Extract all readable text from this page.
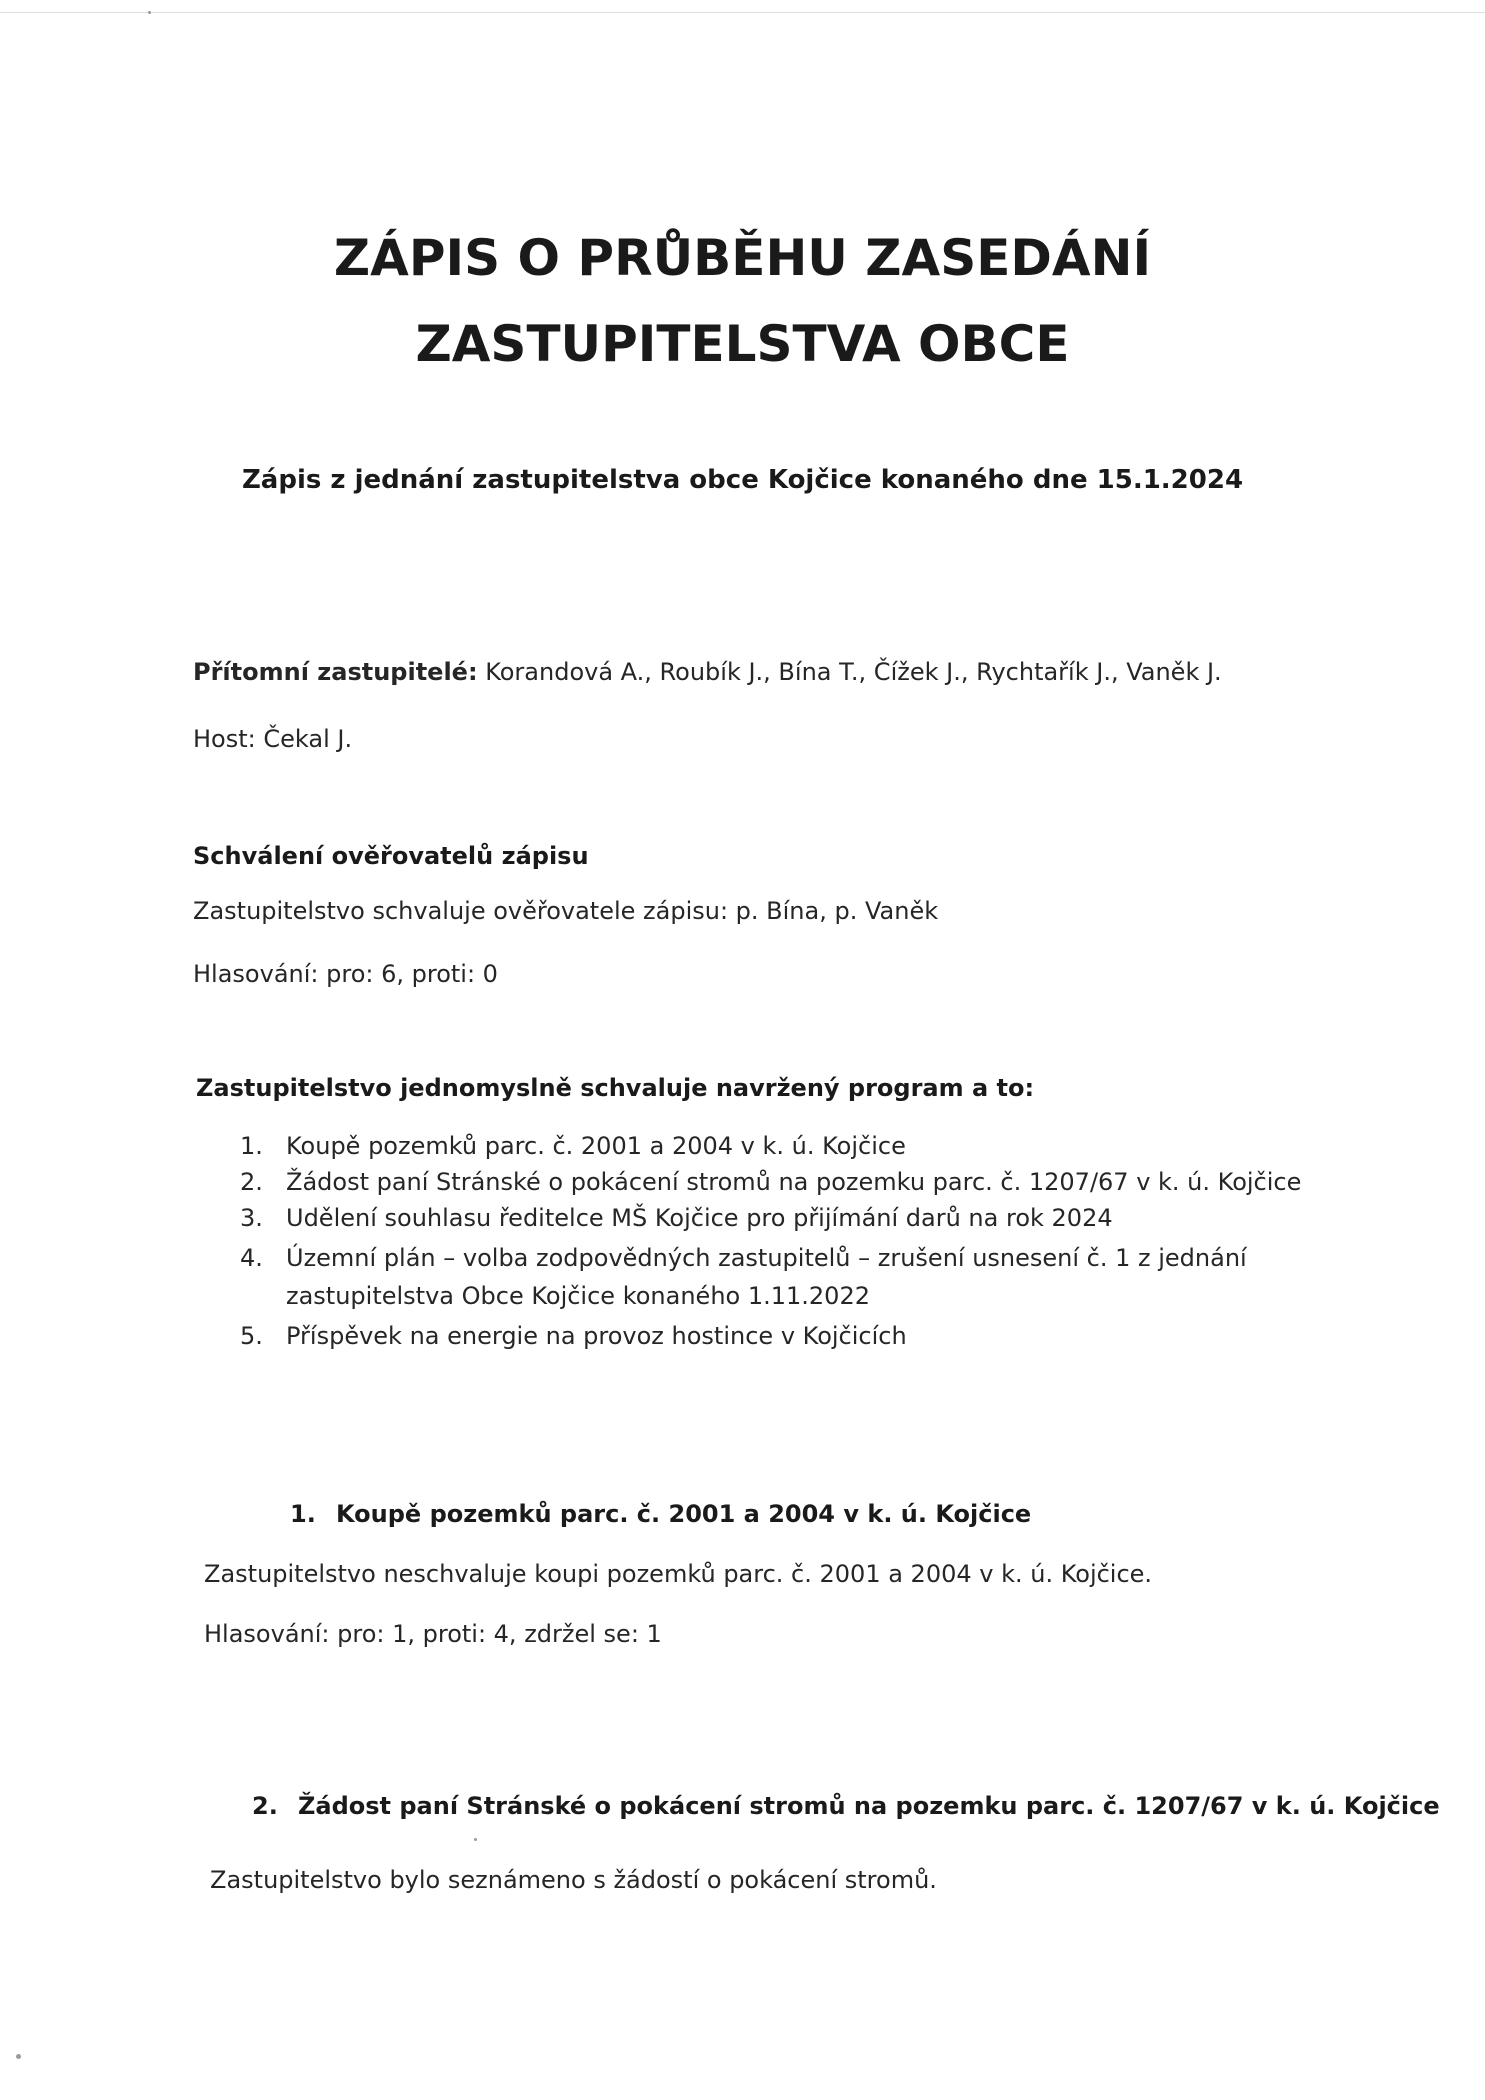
ZÁPIS O PRŮBĚHU ZASEDÁNÍ
ZASTUPITELSTVA OBCE
Zápis z jednání zastupitelstva obce Kojčice konaného dne 15.1.2024
Přítomní zastupitelé: Korandová A., Roubík J., Bína T., Čížek J., Rychtařík J., Vaněk J.
Host: Čekal J.
Schválení ověřovatelů zápisu
Zastupitelstvo schvaluje ověřovatele zápisu: p. Bína, p. Vaněk
Hlasování: pro: 6, proti: 0
Zastupitelstvo jednomyslně schvaluje navržený program a to:
1. Koupě pozemků parc. č. 2001 a 2004 v k. ú. Kojčice
2. Žádost paní Stránské o pokácení stromů na pozemku parc. č. 1207/67 v k. ú. Kojčice
3. Udělení souhlasu ředitelce MŠ Kojčice pro přijímání darů na rok 2024
4. Územní plán – volba zodpovědných zastupitelů – zrušení usnesení č. 1 z jednání
zastupitelstva Obce Kojčice konaného 1.11.2022
5. Příspěvek na energie na provoz hostince v Kojčicích
1. Koupě pozemků parc. č. 2001 a 2004 v k. ú. Kojčice
Zastupitelstvo neschvaluje koupi pozemků parc. č. 2001 a 2004 v k. ú. Kojčice.
Hlasování: pro: 1, proti: 4, zdržel se: 1
2. Žádost paní Stránské o pokácení stromů na pozemku parc. č. 1207/67 v k. ú. Kojčice
Zastupitelstvo bylo seznámeno s žádostí o pokácení stromů.
